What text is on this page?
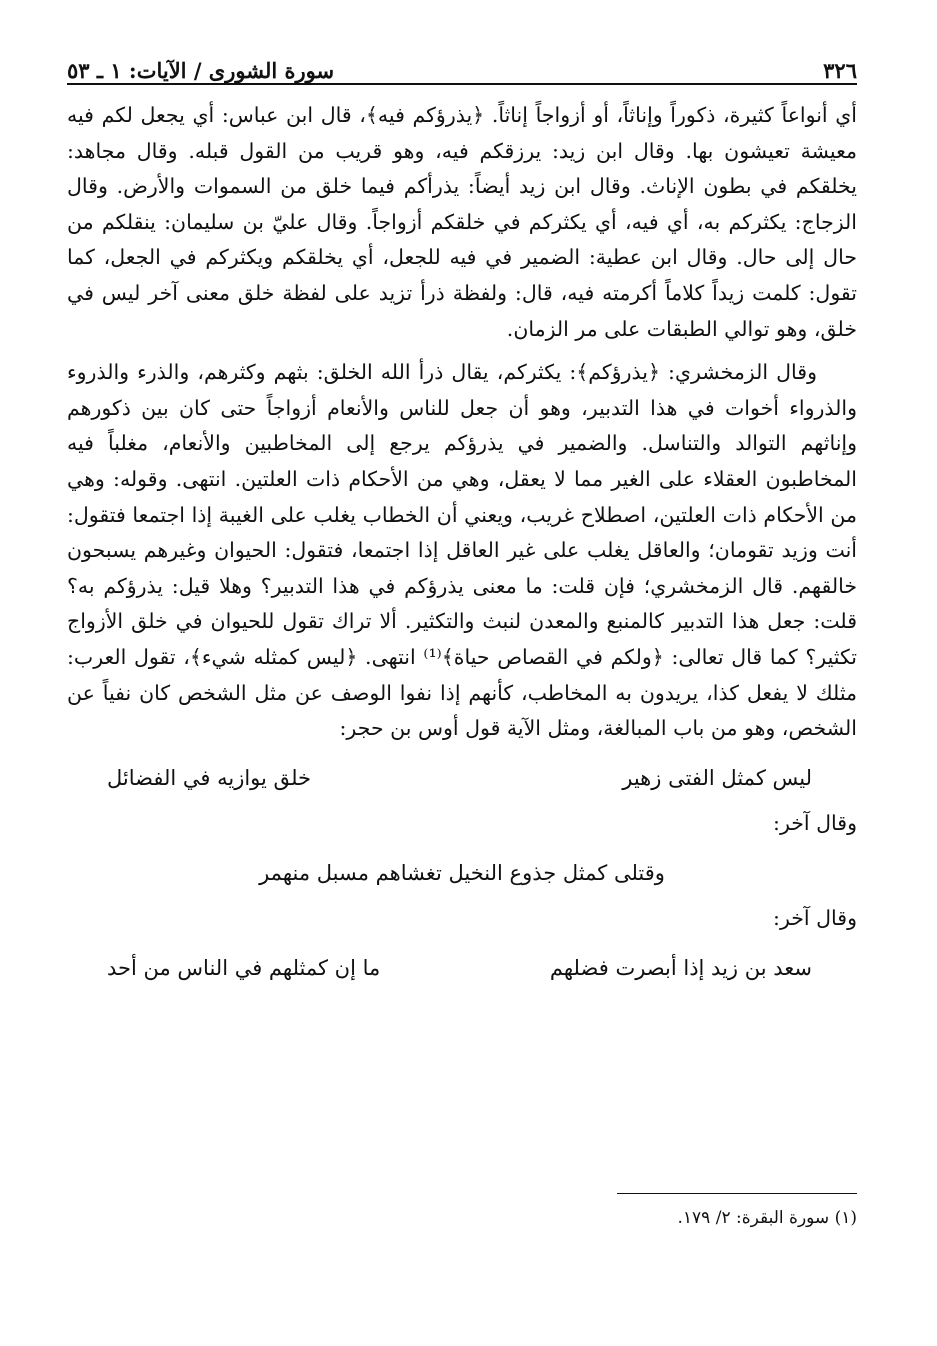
٣٢٦
سورة الشورى / الآيات: ١ ـ ٥٣

أي أنواعاً كثيرة، ذكوراً وإناثاً، أو أزواجاً إناثاً. ﴿يذرؤكم فيه﴾، قال ابن عباس: أي يجعل لكم فيه معيشة تعيشون بها. وقال ابن زيد: يرزقكم فيه، وهو قريب من القول قبله. وقال مجاهد: يخلقكم في بطون الإناث. وقال ابن زيد أيضاً: يذرأكم فيما خلق من السموات والأرض. وقال الزجاج: يكثركم به، أي فيه، أي يكثركم في خلقكم أزواجاً. وقال عليّ بن سليمان: ينقلكم من حال إلى حال. وقال ابن عطية: الضمير في فيه للجعل، أي يخلقكم ويكثركم في الجعل، كما تقول: كلمت زيداً كلاماً أكرمته فيه، قال: ولفظة ذرأ تزيد على لفظة خلق معنى آخر ليس في خلق، وهو توالي الطبقات على مر الزمان.

وقال الزمخشري: ﴿يذرؤكم﴾: يكثركم، يقال ذرأ الله الخلق: بثهم وكثرهم، والذرء والذروء والذرواء أخوات في هذا التدبير، وهو أن جعل للناس والأنعام أزواجاً حتى كان بين ذكورهم وإناثهم التوالد والتناسل. والضمير في يذرؤكم يرجع إلى المخاطبين والأنعام، مغلباً فيه المخاطبون العقلاء على الغير مما لا يعقل، وهي من الأحكام ذات العلتين. انتهى. وقوله: وهي من الأحكام ذات العلتين، اصطلاح غريب، ويعني أن الخطاب يغلب على الغيبة إذا اجتمعا فتقول: أنت وزيد تقومان؛ والعاقل يغلب على غير العاقل إذا اجتمعا، فتقول: الحيوان وغيرهم يسبحون خالقهم. قال الزمخشري؛ فإن قلت: ما معنى يذرؤكم في هذا التدبير؟ وهلا قيل: يذرؤكم به؟ قلت: جعل هذا التدبير كالمنبع والمعدن لنبث والتكثير. ألا تراك تقول للحيوان في خلق الأزواج تكثير؟ كما قال تعالى: ﴿ولكم في القصاص حياة﴾⁽¹⁾ انتهى. ﴿ليس كمثله شيء﴾، تقول العرب: مثلك لا يفعل كذا، يريدون به المخاطب، كأنهم إذا نفوا الوصف عن مثل الشخص كان نفياً عن الشخص، وهو من باب المبالغة، ومثل الآية قول أوس بن حجر:

ليس كمثل الفتى زهير
خلق يوازيه في الفضائل

وقال آخر:

وقتلى كمثل جذوع النخيل تغشاهم مسبل منهمر

وقال آخر:

سعد بن زيد إذا أبصرت فضلهم
ما إن كمثلهم في الناس من أحد
(١) سورة البقرة: ٢/ ١٧٩.
